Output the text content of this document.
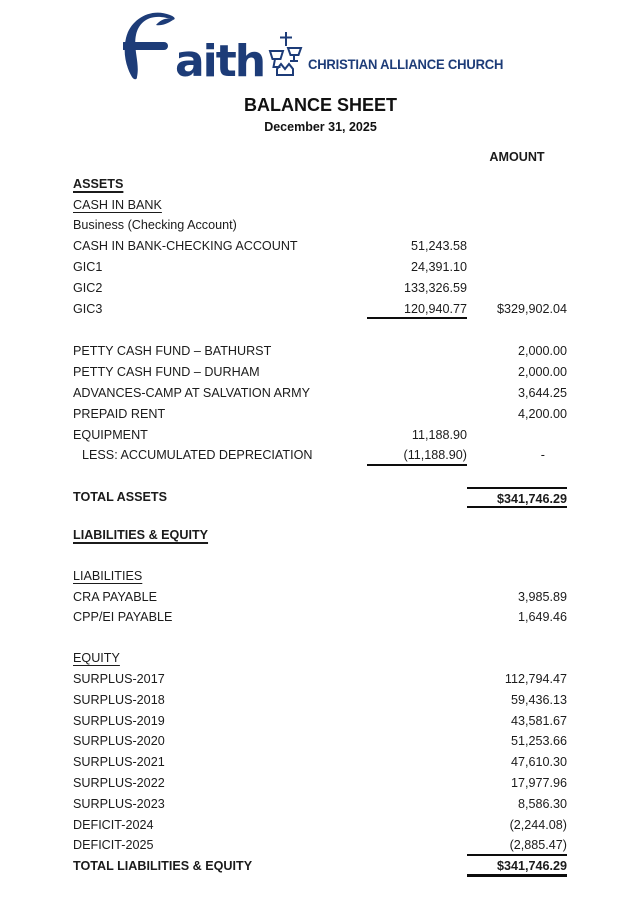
aith	CHRISTIAN ALLIANCE CHURCH
BALANCE SHEET
December 31, 2025
AMOUNT
ASSETS
CASH IN BANK
Business (Checking Account)
CASH IN BANK-CHECKING ACCOUNT	51,243.58
GIC1	24,391.10
GIC2	133,326.59
GIC3	120,940.77	$329,902.04
PETTY CASH FUND – BATHURST	2,000.00
PETTY CASH FUND – DURHAM	2,000.00
ADVANCES-CAMP AT SALVATION ARMY	3,644.25
PREPAID RENT	4,200.00
EQUIPMENT	11,188.90
LESS: ACCUMULATED DEPRECIATION	(11,188.90)	-
TOTAL ASSETS	$341,746.29
LIABILITIES & EQUITY
LIABILITIES
CRA PAYABLE	3,985.89
CPP/EI PAYABLE	1,649.46
EQUITY
SURPLUS-2017	112,794.47
SURPLUS-2018	59,436.13
SURPLUS-2019	43,581.67
SURPLUS-2020	51,253.66
SURPLUS-2021	47,610.30
SURPLUS-2022	17,977.96
SURPLUS-2023	8,586.30
DEFICIT-2024	(2,244.08)
DEFICIT-2025	(2,885.47)
TOTAL LIABILITIES & EQUITY	$341,746.29
